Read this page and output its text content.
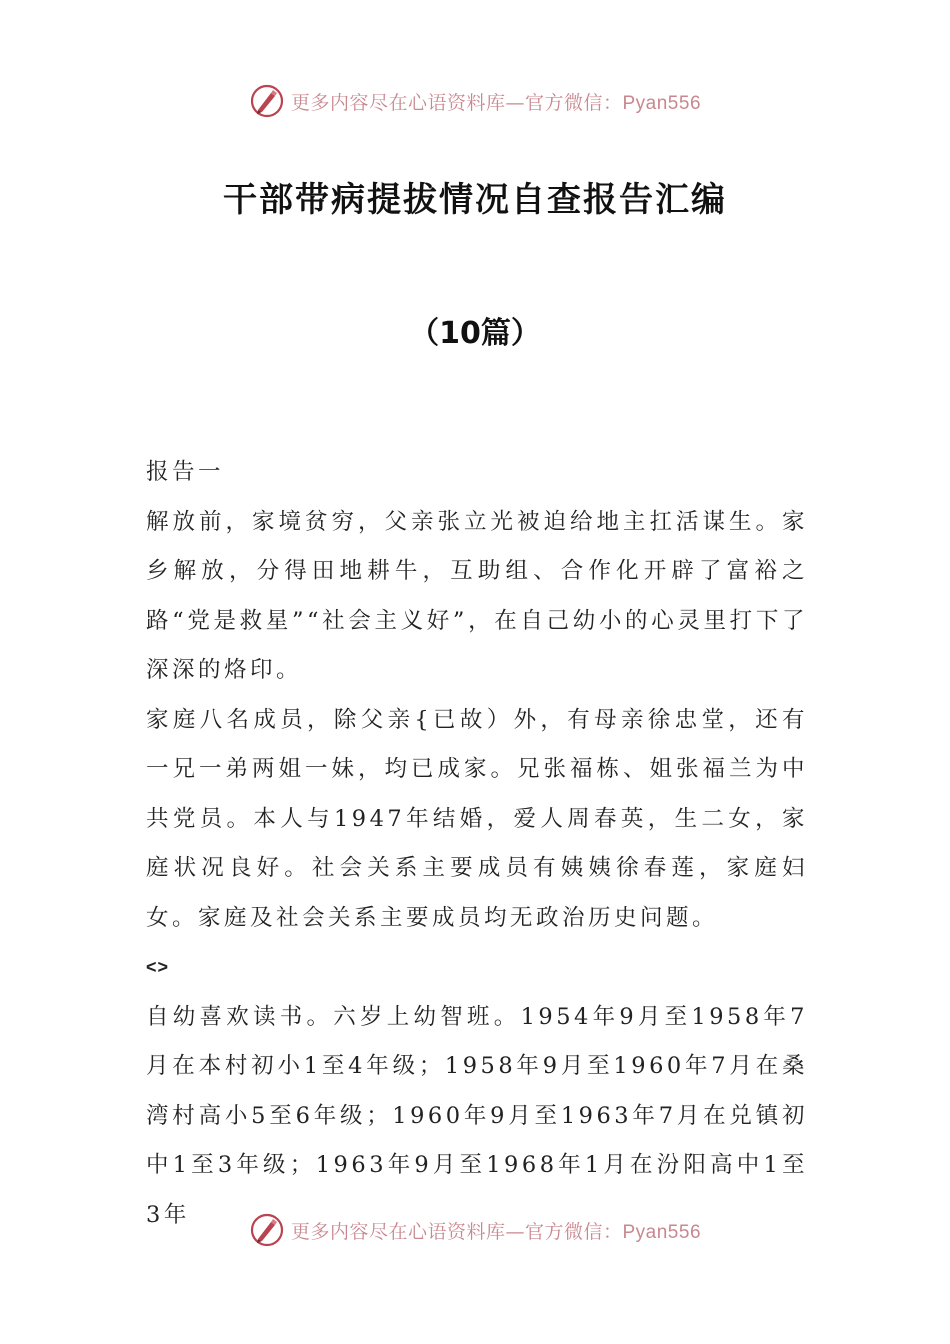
更多内容尽在心语资料库—官方微信：Pyan556
干部带病提拔情况自查报告汇编
（10篇）

报告一

解放前，家境贫穷，父亲张立光被迫给地主扛活谋生。家乡解放，分得田地耕牛，互助组、合作化开辟了富裕之路“党是救星”“社会主义好”，在自己幼小的心灵里打下了深深的烙印。

家庭八名成员，除父亲{已故）外，有母亲徐忠堂，还有一兄一弟两姐一妹，均已成家。兄张福栋、姐张福兰为中共党员。本人与1947年结婚，爱人周春英，生二女，家庭状况良好。社会关系主要成员有姨姨徐春莲，家庭妇女。家庭及社会关系主要成员均无政治历史问题。

<>

自幼喜欢读书。六岁上幼智班。1954年9月至1958年7月在本村初小1至4年级；1958年9月至1960年7月在桑湾村高小5至6年级；1960年9月至1963年7月在兑镇初中1至3年级；1963年9月至1968年1月在汾阳高中1至3年

更多内容尽在心语资料库—官方微信：Pyan556
